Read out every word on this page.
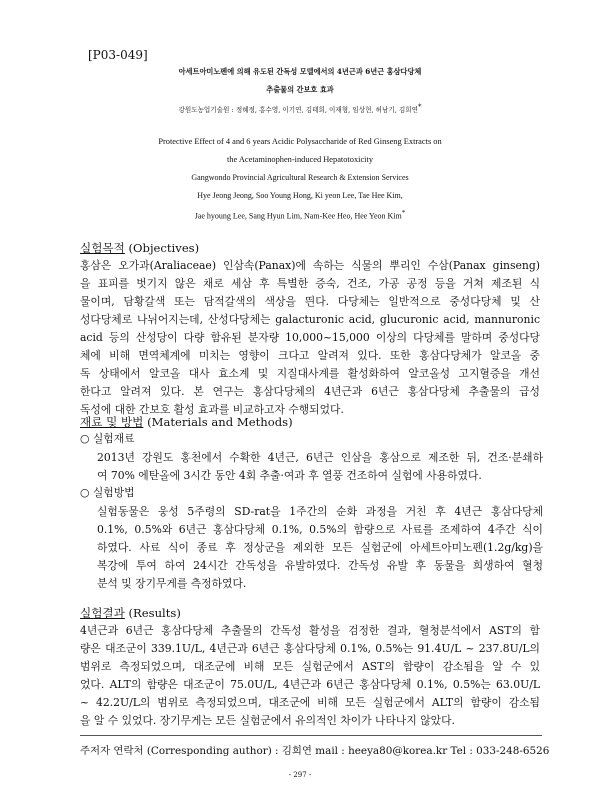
[P03-049]
아세트아미노펜에 의해 유도된 간독성 모델에서의 4년근과 6년근 홍삼다당체
추출물의 간보호 효과
강원도농업기술원 : 정혜정, 홍수영, 이기연, 김태희, 이재형, 임상현, 허남기, 김희연*
Protective Effect of 4 and 6 years Acidic Polysaccharide of Red Ginseng Extracts on
the Acetaminophen-induced Hepatotoxicity
Gangwondo Provincial Agricultural Research & Extension Services
Hye Jeong Jeong, Soo Young Hong, Ki yeon Lee, Tae Hee Kim,
Jae hyoung Lee, Sang Hyun Lim, Nam-Kee Heo, Hee Yeon Kim*
실험목적 (Objectives)
홍삼은 오가과(Araliaceae) 인삼속(Panax)에 속하는 식물의 뿌리인 수삼(Panax ginseng)
을 표피를 벗기지 않은 채로 세삼 후 특별한 증숙, 건조, 가공 공정 등을 거쳐 제조된 식
물이며, 담황갈색 또는 담적갈색의 색상을 띈다. 다당체는 일반적으로 중성다당체 및 산
성다당체로 나뉘어지는데, 산성다당체는 galacturonic acid, glucuronic acid, mannuronic
acid 등의 산성당이 다량 함유된 분자량 10,000~15,000 이상의 다당체를 말하며 중성다당
체에 비해 면역체계에 미치는 영향이 크다고 알려져 있다. 또한 홍삼다당체가 알코올 중
독 상태에서 알코올 대사 효소계 및 지질대사계를 활성화하여 알코올성 고지혈증을 개선
한다고 알려져 있다. 본 연구는 홍삼다당체의 4년근과 6년근 홍삼다당체 추출물의 급성
독성에 대한 간보호 활성 효과를 비교하고자 수행되었다.
재료 및 방법 (Materials and Methods)
○ 실험재료
2013년 강원도 홍천에서 수확한 4년근, 6년근 인삼을 홍삼으로 제조한 뒤, 건조·분쇄하
여 70% 에탄올에 3시간 동안 4회 추출·여과 후 열풍 건조하여 실험에 사용하였다.
○ 실험방법
실험동물은 웅성 5주령의 SD-rat을 1주간의 순화 과정을 거친 후 4년근 홍삼다당체
0.1%, 0.5%와 6년근 홍삼다당체 0.1%, 0.5%의 함량으로 사료를 조제하여 4주간 식이
하였다. 사료 식이 종료 후 정상군을 제외한 모든 실험군에 아세트아미노펜(1.2g/kg)을
복강에 투여 하여 24시간 간독성을 유발하였다. 간독성 유발 후 동물을 희생하여 혈청
분석 및 장기무게를 측정하였다.
실험결과 (Results)
4년근과 6년근 홍삼다당체 추출물의 간독성 활성을 검정한 결과, 혈청분석에서 AST의 함
량은 대조군이 339.1U/L, 4년근과 6년근 홍삼다당체 0.1%, 0.5%는 91.4U/L ~ 237.8U/L의
범위로 측정되었으며, 대조군에 비해 모든 실험군에서 AST의 함량이 감소됨을 알 수 있
었다. ALT의 함량은 대조군이 75.0U/L, 4년근과 6년근 홍삼다당체 0.1%, 0.5%는 63.0U/L
~ 42.2U/L의 범위로 측정되었으며, 대조군에 비해 모든 실험군에서 ALT의 함량이 감소됨
을 알 수 있었다. 장기무게는 모든 실험군에서 유의적인 차이가 나타나지 않았다.
주저자 연락처 (Corresponding author) : 김희연 mail : heeya80@korea.kr Tel : 033-248-6526
- 297 -
